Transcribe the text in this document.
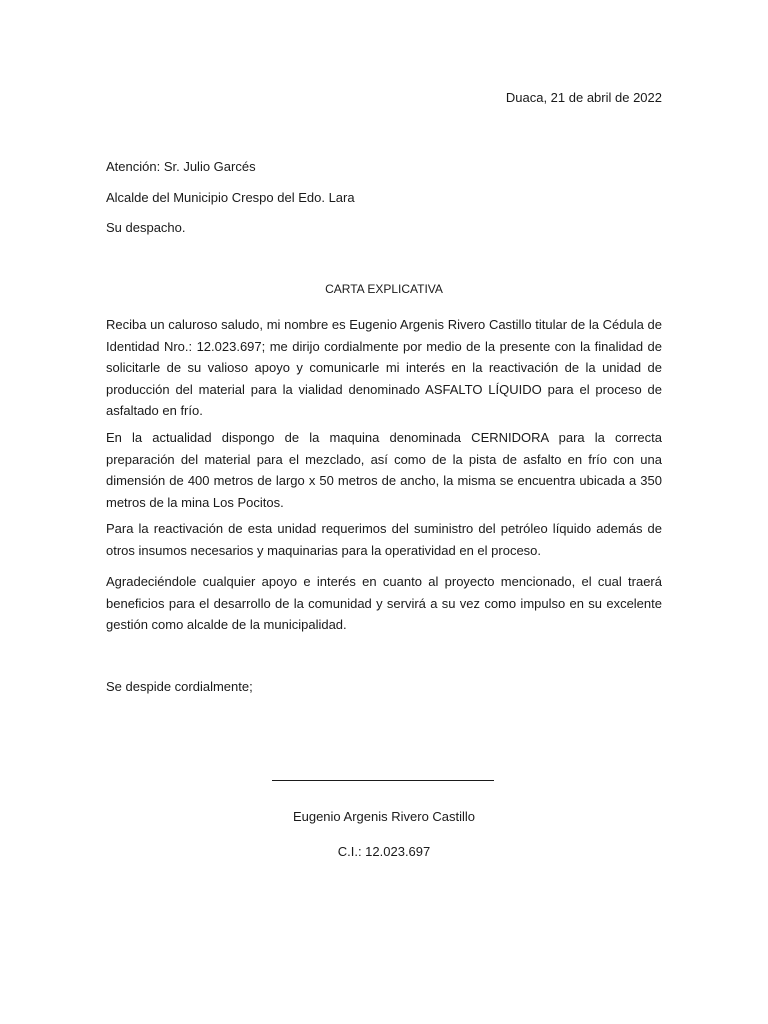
Duaca, 21 de abril de 2022
Atención: Sr. Julio Garcés
Alcalde del Municipio Crespo del Edo. Lara
Su despacho.
CARTA EXPLICATIVA
Reciba un caluroso saludo, mi nombre es Eugenio Argenis Rivero Castillo titular de la Cédula de Identidad Nro.: 12.023.697; me dirijo cordialmente por medio de la presente con la finalidad de solicitarle de su valioso apoyo y comunicarle mi interés en la reactivación de la unidad de producción del material para la vialidad denominado ASFALTO LÍQUIDO para el proceso de asfaltado en frío.
En la actualidad dispongo de la maquina denominada CERNIDORA para la correcta preparación del material para el mezclado, así como de la pista de asfalto en frío con una dimensión de 400 metros de largo x 50 metros de ancho, la misma se encuentra ubicada a 350 metros de la mina Los Pocitos.
Para la reactivación de esta unidad requerimos del suministro del petróleo líquido además de otros insumos necesarios y maquinarias para la operatividad en el proceso.
Agradeciéndole cualquier apoyo e interés en cuanto al proyecto mencionado, el cual traerá beneficios para el desarrollo de la comunidad y servirá a su vez como impulso en su excelente gestión como alcalde de la municipalidad.
Se despide cordialmente;
Eugenio Argenis Rivero Castillo
C.I.: 12.023.697
